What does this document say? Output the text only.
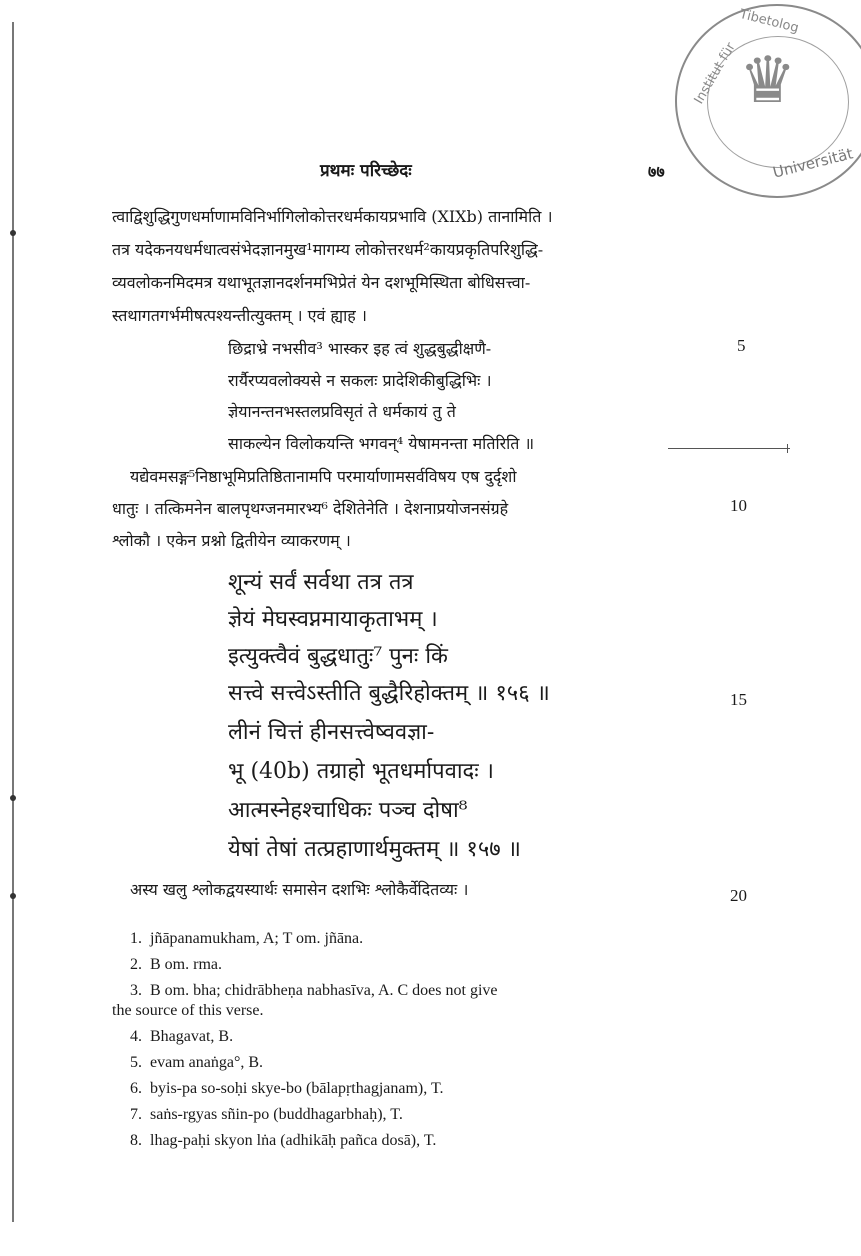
♛
Tibetolog
Institut für
Universität
प्रथमः परिच्छेदः	७७
त्वाद्विशुद्धिगुणधर्माणामविनिर्भागिलोकोत्तरधर्मकायप्रभावि (XIXb) तानामिति ।
तत्र यदेकनयधर्मधात्वसंभेदज्ञानमुख¹मागम्य लोकोत्तरधर्म²कायप्रकृतिपरिशुद्धि-
व्यवलोकनमिदमत्र यथाभूतज्ञानदर्शनमभिप्रेतं येन दशभूमिस्थिता बोधिसत्त्वा-
स्तथागतगर्भमीषत्पश्यन्तीत्युक्तम् । एवं ह्याह ।
छिद्राभ्रे नभसीव³ भास्कर इह त्वं शुद्धबुद्धीक्षणै-
रार्यैरप्यवलोक्यसे न सकलः प्रादेशिकीबुद्धिभिः ।
ज्ञेयानन्तनभस्तलप्रविसृतं ते धर्मकायं तु ते
साकल्येन विलोकयन्ति भगवन्⁴ येषामनन्ता मतिरिति ॥
यद्येवमसङ्ग⁵निष्ठाभूमिप्रतिष्ठितानामपि परमार्याणामसर्वविषय एष दुर्दृशो
धातुः । तत्किमनेन बालपृथग्जनमारभ्य⁶ देशितेनेति । देशनाप्रयोजनसंग्रहे
श्लोकौ । एकेन प्रश्नो द्वितीयेन व्याकरणम् ।
शून्यं सर्वं सर्वथा तत्र तत्र
ज्ञेयं मेघस्वप्नमायाकृताभम् ।
इत्युक्त्वैवं बुद्धधातुः⁷ पुनः किं
सत्त्वे सत्त्वेऽस्तीति बुद्धैरिहोक्तम् ॥ १५६ ॥
लीनं चित्तं हीनसत्त्वेष्ववज्ञा-
भू (40b) तग्राहो भूतधर्मापवादः ।
आत्मस्नेहश्चाधिकः पञ्च दोषा⁸
येषां तेषां तत्प्रहाणार्थमुक्तम् ॥ १५७ ॥
अस्य खलु श्लोकद्वयस्यार्थः समासेन दशभिः श्लोकैर्वेदितव्यः ।
5
10
15
20
1. jñāpanamukham, A; T om. jñāna.
2. B om. rma.
3. B om. bha; chidrābheṇa nabhasīva, A. C does not give
the source of this verse.
4. Bhagavat, B.
5. evam anaṅga°, B.
6. byis-pa so-soḥi skye-bo (bālapṛthagjanam), T.
7. saṅs-rgyas sñin-po (buddhagarbhaḥ), T.
8. lhag-paḥi skyon lṅa (adhikāḥ pañca dosā), T.
